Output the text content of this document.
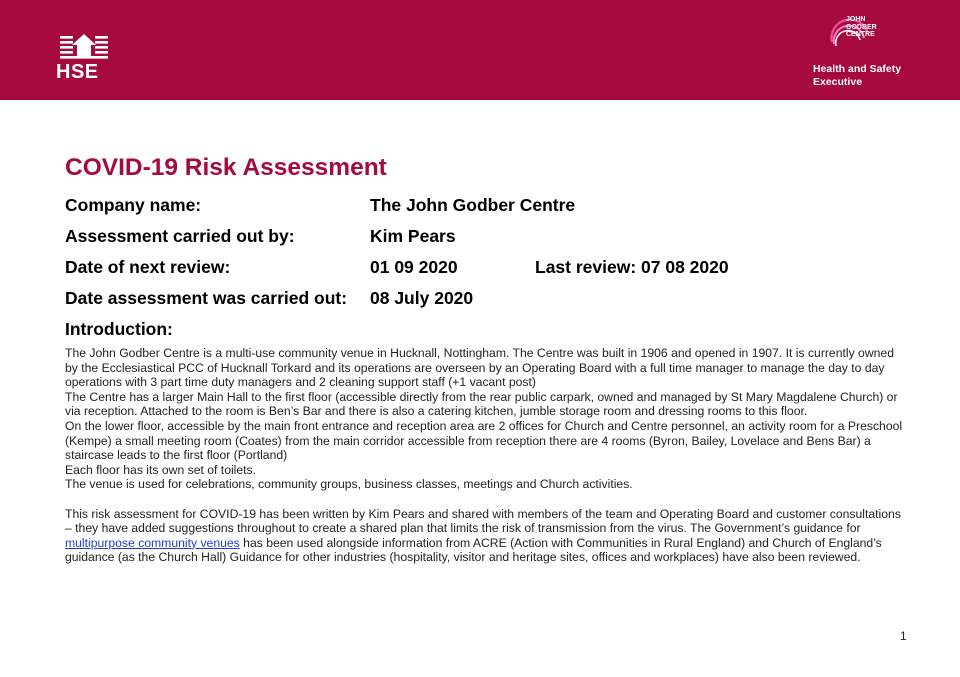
HSE
JOHN
GODBER
CENTRE
Health and Safety
Executive
COVID-19 Risk Assessment
Company name:	The John Godber Centre
Assessment carried out by:	Kim Pears
Date of next review:	01 09 2020	Last review: 07 08 2020
Date assessment was carried out: 08 July 2020
Introduction:

The John Godber Centre is a multi-use community venue in Hucknall, Nottingham. The Centre was built in 1906 and opened in 1907. It is currently owned by the Ecclesiastical PCC of Hucknall Torkard and its operations are overseen by an Operating Board with a full time manager to manage the day to day operations with 3 part time duty managers and 2 cleaning support staff (+1 vacant post)

The Centre has a larger Main Hall to the first floor (accessible directly from the rear public carpark, owned and managed by St Mary Magdalene Church) or via reception. Attached to the room is Ben’s Bar and there is also a catering kitchen, jumble storage room and dressing rooms to this floor.

On the lower floor, accessible by the main front entrance and reception area are 2 offices for Church and Centre personnel, an activity room for a Preschool (Kempe) a small meeting room (Coates) from the main corridor accessible from reception there are 4 rooms (Byron, Bailey, Lovelace and Bens Bar) a staircase leads to the first floor (Portland)

Each floor has its own set of toilets.

The venue is used for celebrations, community groups, business classes, meetings and Church activities.

This risk assessment for COVID-19 has been written by Kim Pears and shared with members of the team and Operating Board and customer consultations – they have added suggestions throughout to create a shared plan that limits the risk of transmission from the virus. The Government’s guidance for multipurpose community venues has been used alongside information from ACRE (Action with Communities in Rural England) and Church of England’s guidance (as the Church Hall) Guidance for other industries (hospitality, visitor and heritage sites, offices and workplaces) have also been reviewed.

1
